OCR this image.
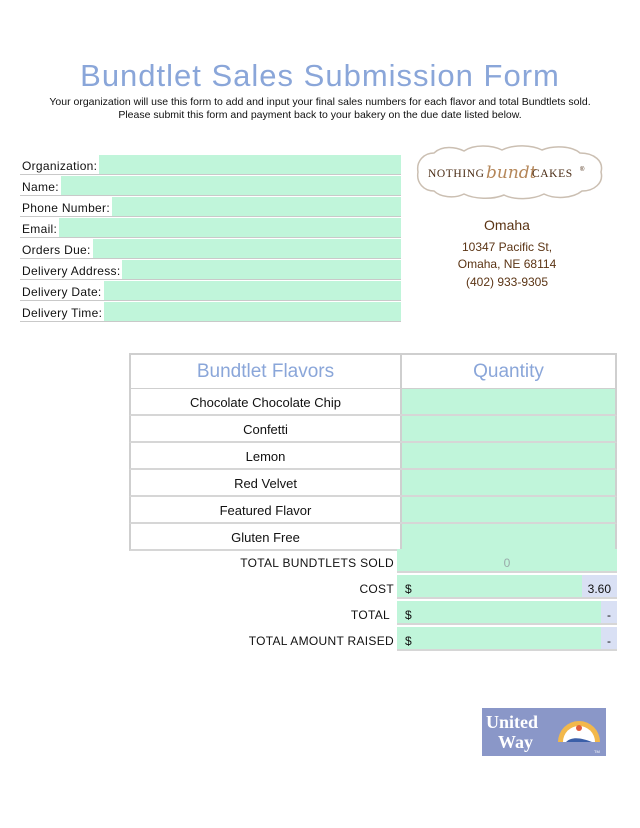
Bundtlet Sales Submission Form
Your organization will use this form to add and input your final sales numbers for each flavor and total Bundtlets sold.
Please submit this form and payment back to your bakery on the due date listed below.
Organization:
Name:
Phone Number:
Email:
Orders Due:
Delivery Address:
Delivery Date:
Delivery Time:
NOTHING bundt
CAKES ®
Omaha
10347 Pacific St,
Omaha, NE 68114
(402) 933-9305
Bundtlet Flavors	Quantity
Chocolate Chocolate Chip
Confetti
Lemon
Red Velvet
Featured Flavor
Gluten Free
TOTAL BUNDTLETS SOLD	0
COST $	3.60
TOTAL	$	-
TOTAL AMOUNT RAISED $	-
United
Way	TM
